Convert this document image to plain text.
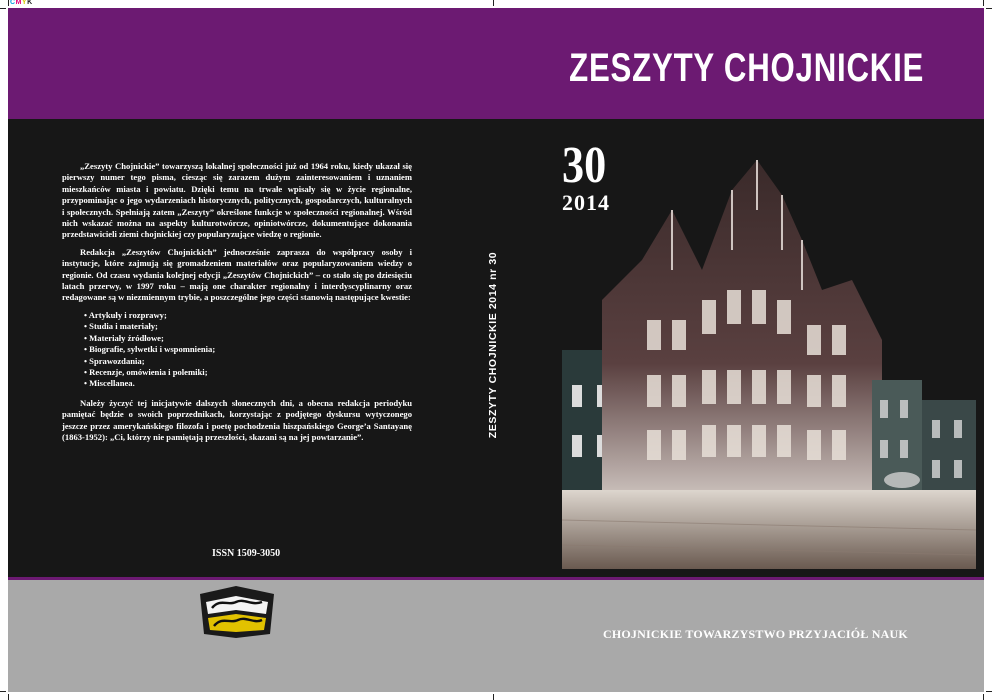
CMYK
ZESZYTY CHOJNICKIE

„Zeszyty Chojnickie” towarzyszą lokalnej społeczności już od 1964 roku, kiedy ukazał się pierwszy numer tego pisma, ciesząc się zarazem dużym zainteresowaniem i uznaniem mieszkańców miasta i powiatu. Dzięki temu na trwałe wpisały się w życie regionalne, przypominając o jego wydarzeniach historycznych, politycznych, gospodarczych, kulturalnych i społecznych. Spełniają zatem „Zeszyty” określone funkcje w społeczności regionalnej. Wśród nich wskazać można na aspekty kulturotwórcze, opiniotwórcze, dokumentujące dokonania przedstawicieli ziemi chojnickiej czy popularyzujące wiedzę o regionie.

Redakcja „Zeszytów Chojnickich” jednocześnie zaprasza do współpracy osoby i instytucje, które zajmują się gromadzeniem materiałów oraz popularyzowaniem wiedzy o regionie. Od czasu wydania kolejnej edycji „Zeszytów Chojnickich” – co stało się po dziesięciu latach przerwy, w 1997 roku – mają one charakter regionalny i interdyscyplinarny oraz redagowane są w niezmiennym trybie, a poszczególne jego części stanowią następujące kwestie:

• Artykuły i rozprawy;
• Studia i materiały;
• Materiały źródłowe;
• Biografie, sylwetki i wspomnienia;
• Sprawozdania;
• Recenzje, omówienia i polemiki;
• Miscellanea.

Należy życzyć tej inicjatywie dalszych słonecznych dni, a obecna redakcja periodyku pamiętać będzie o swoich poprzednikach, korzystając z podjętego dyskursu wytyczonego jeszcze przez amerykańskiego filozofa i poetę pochodzenia hiszpańskiego George’a Santayanę (1863-1952): „Ci, którzy nie pamiętają przeszłości, skazani są na jej powtarzanie”.

ISSN 1509-3050
ZESZYTY CHOJNICKIE 2014 nr 30
30
2014
CHOJNICKIE TOWARZYSTWO PRZYJACIÓŁ NAUK
